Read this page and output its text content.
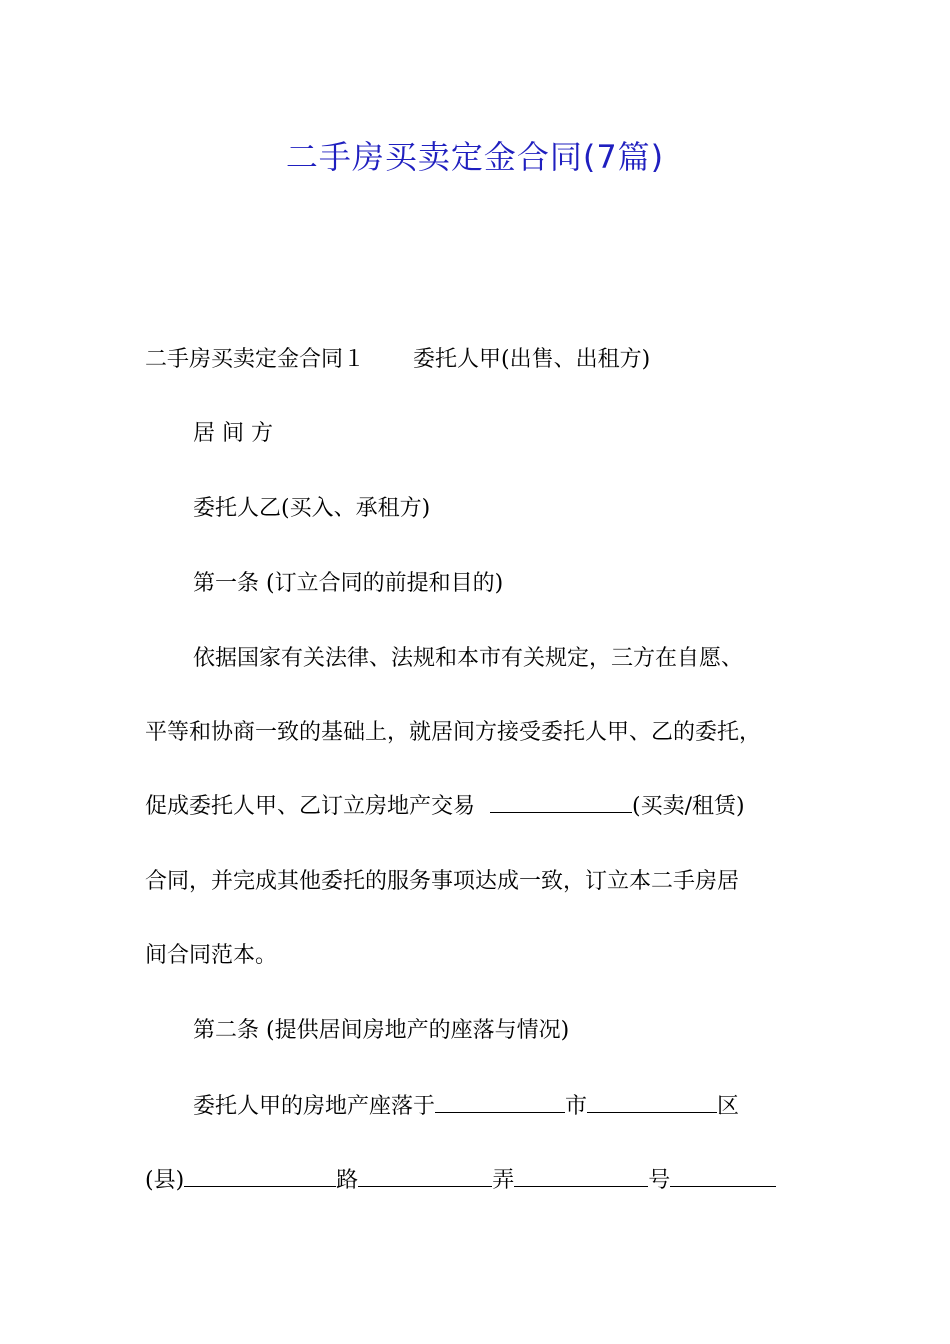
二手房买卖定金合同(7篇)
二手房买卖定金合同１ 委托人甲(出售、出租方)
居 间 方
委托人乙(买入、承租方)
第一条 (订立合同的前提和目的)
依据国家有关法律、法规和本市有关规定，三方在自愿、
平等和协商一致的基础上，就居间方接受委托人甲、乙的委托，
促成委托人甲、乙订立房地产交易	(买卖/租赁)
合同，并完成其他委托的服务事项达成一致，订立本二手房居
间合同范本。
第二条 (提供居间房地产的座落与情况)
委托人甲的房地产座落于	市	区
(县)	路	弄	号
